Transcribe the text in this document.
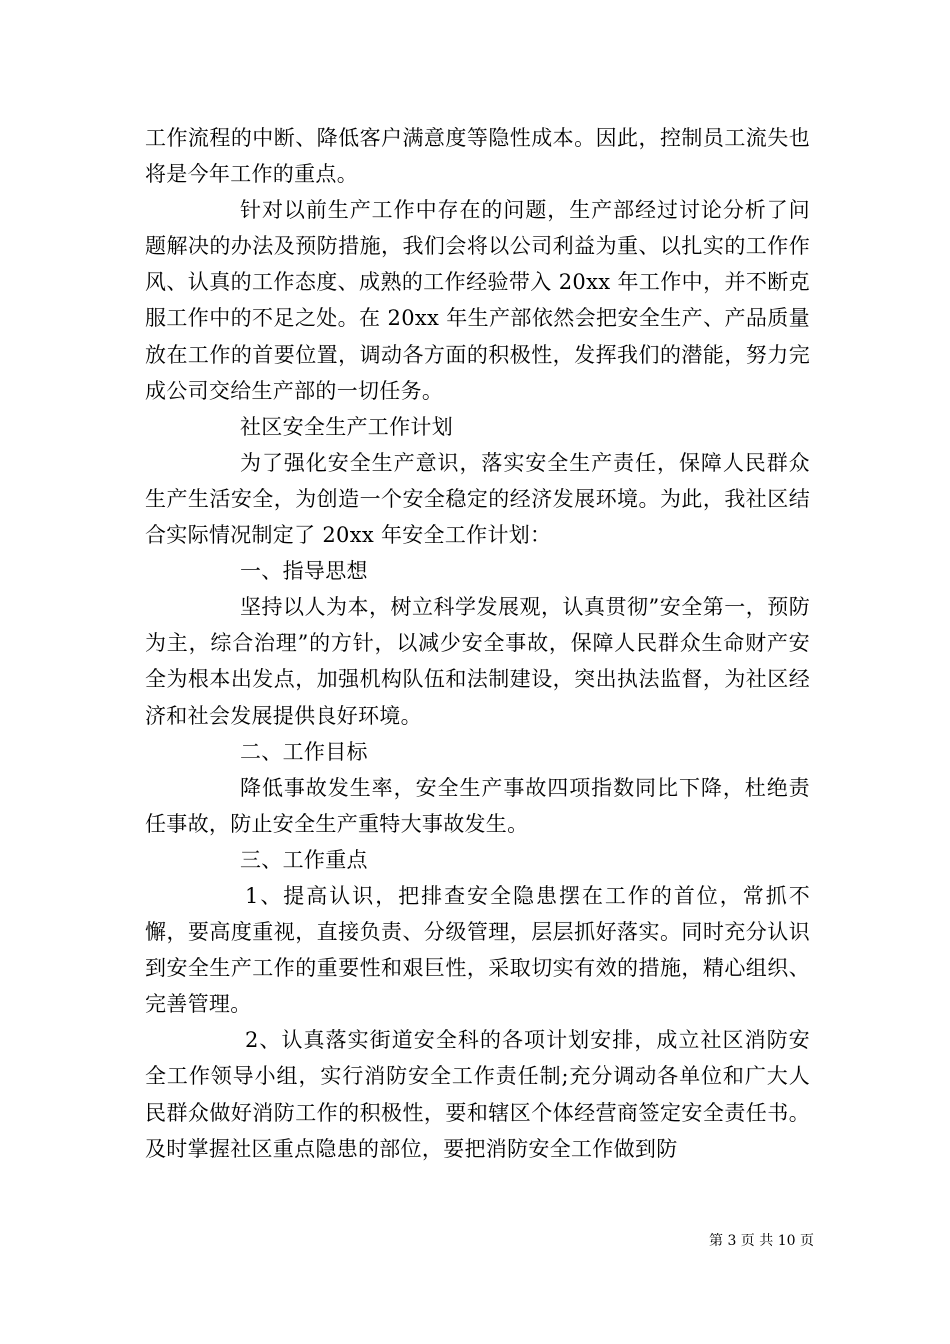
工作流程的中断、降低客户满意度等隐性成本。因此，控制员工流失也将是今年工作的重点。

针对以前生产工作中存在的问题，生产部经过讨论分析了问题解决的办法及预防措施，我们会将以公司利益为重、以扎实的工作作风、认真的工作态度、成熟的工作经验带入 20xx 年工作中，并不断克服工作中的不足之处。在 20xx 年生产部依然会把安全生产、产品质量放在工作的首要位置，调动各方面的积极性，发挥我们的潜能，努力完成公司交给生产部的一切任务。

社区安全生产工作计划

为了强化安全生产意识，落实安全生产责任，保障人民群众生产生活安全，为创造一个安全稳定的经济发展环境。为此，我社区结合实际情况制定了 20xx 年安全工作计划：

一、指导思想

坚持以人为本，树立科学发展观，认真贯彻”安全第一，预防为主，综合治理”的方针，以减少安全事故，保障人民群众生命财产安全为根本出发点，加强机构队伍和法制建设，突出执法监督，为社区经济和社会发展提供良好环境。

二、工作目标

降低事故发生率，安全生产事故四项指数同比下降，杜绝责任事故，防止安全生产重特大事故发生。

三、工作重点

1、提高认识，把排查安全隐患摆在工作的首位，常抓不懈，要高度重视，直接负责、分级管理，层层抓好落实。同时充分认识到安全生产工作的重要性和艰巨性，采取切实有效的措施，精心组织、完善管理。

2、认真落实街道安全科的各项计划安排，成立社区消防安全工作领导小组，实行消防安全工作责任制;充分调动各单位和广大人民群众做好消防工作的积极性，要和辖区个体经营商签定安全责任书。及时掌握社区重点隐患的部位，要把消防安全工作做到防

第 3 页 共 10 页
